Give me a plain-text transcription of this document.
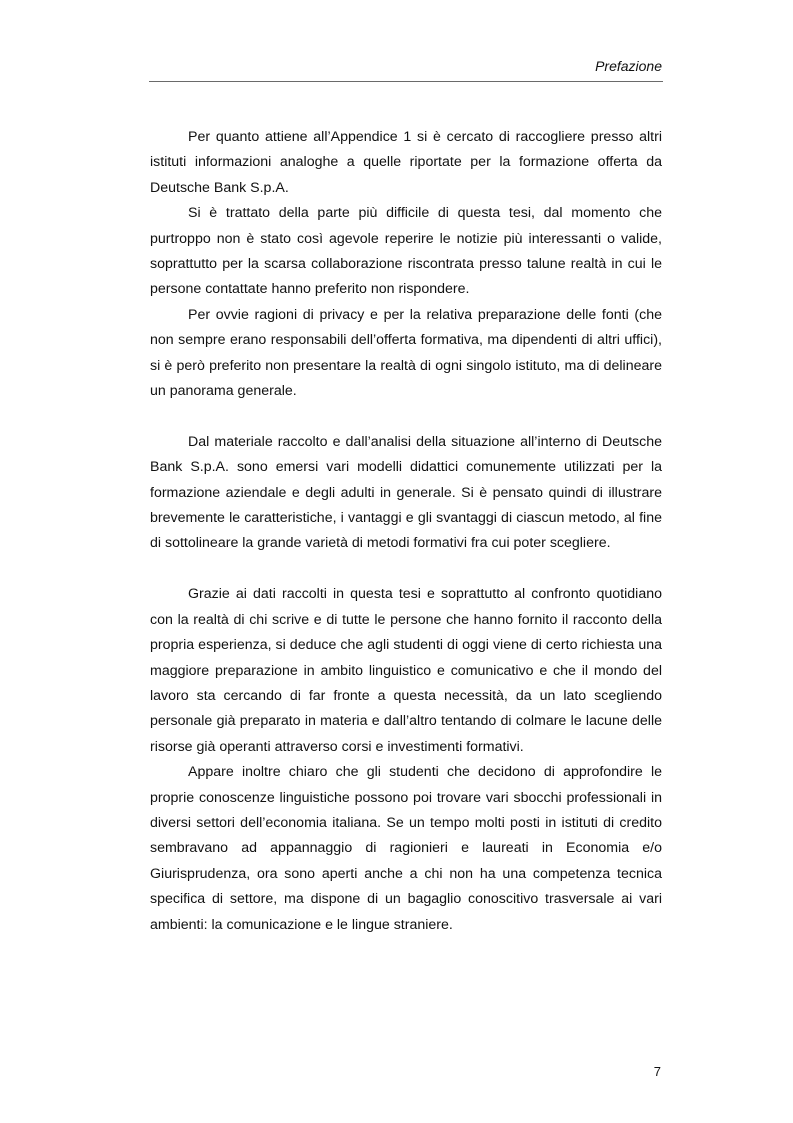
Prefazione

Per quanto attiene all’Appendice 1 si è cercato di raccogliere presso altri istituti informazioni analoghe a quelle riportate per la formazione offerta da Deutsche Bank S.p.A.

Si è trattato della parte più difficile di questa tesi, dal momento che purtroppo non è stato così agevole reperire le notizie più interessanti o valide, soprattutto per la scarsa collaborazione riscontrata presso talune realtà in cui le persone contattate hanno preferito non rispondere.

Per ovvie ragioni di privacy e per la relativa preparazione delle fonti (che non sempre erano responsabili dell’offerta formativa, ma dipendenti di altri uffici), si è però preferito non presentare la realtà di ogni singolo istituto, ma di delineare un panorama generale.

Dal materiale raccolto e dall’analisi della situazione all’interno di Deutsche Bank S.p.A. sono emersi vari modelli didattici comunemente utilizzati per la formazione aziendale e degli adulti in generale. Si è pensato quindi di illustrare brevemente le caratteristiche, i vantaggi e gli svantaggi di ciascun metodo, al fine di sottolineare la grande varietà di metodi formativi fra cui poter scegliere.

Grazie ai dati raccolti in questa tesi e soprattutto al confronto quotidiano con la realtà di chi scrive e di tutte le persone che hanno fornito il racconto della propria esperienza, si deduce che agli studenti di oggi viene di certo richiesta una maggiore preparazione in ambito linguistico e comunicativo e che il mondo del lavoro sta cercando di far fronte a questa necessità, da un lato scegliendo personale già preparato in materia e dall’altro tentando di colmare le lacune delle risorse già operanti attraverso corsi e investimenti formativi.

Appare inoltre chiaro che gli studenti che decidono di approfondire le proprie conoscenze linguistiche possono poi trovare vari sbocchi professionali in diversi settori dell’economia italiana. Se un tempo molti posti in istituti di credito sembravano ad appannaggio di ragionieri e laureati in Economia e/o Giurisprudenza, ora sono aperti anche a chi non ha una competenza tecnica specifica di settore, ma dispone di un bagaglio conoscitivo trasversale ai vari ambienti: la comunicazione e le lingue straniere.

7
